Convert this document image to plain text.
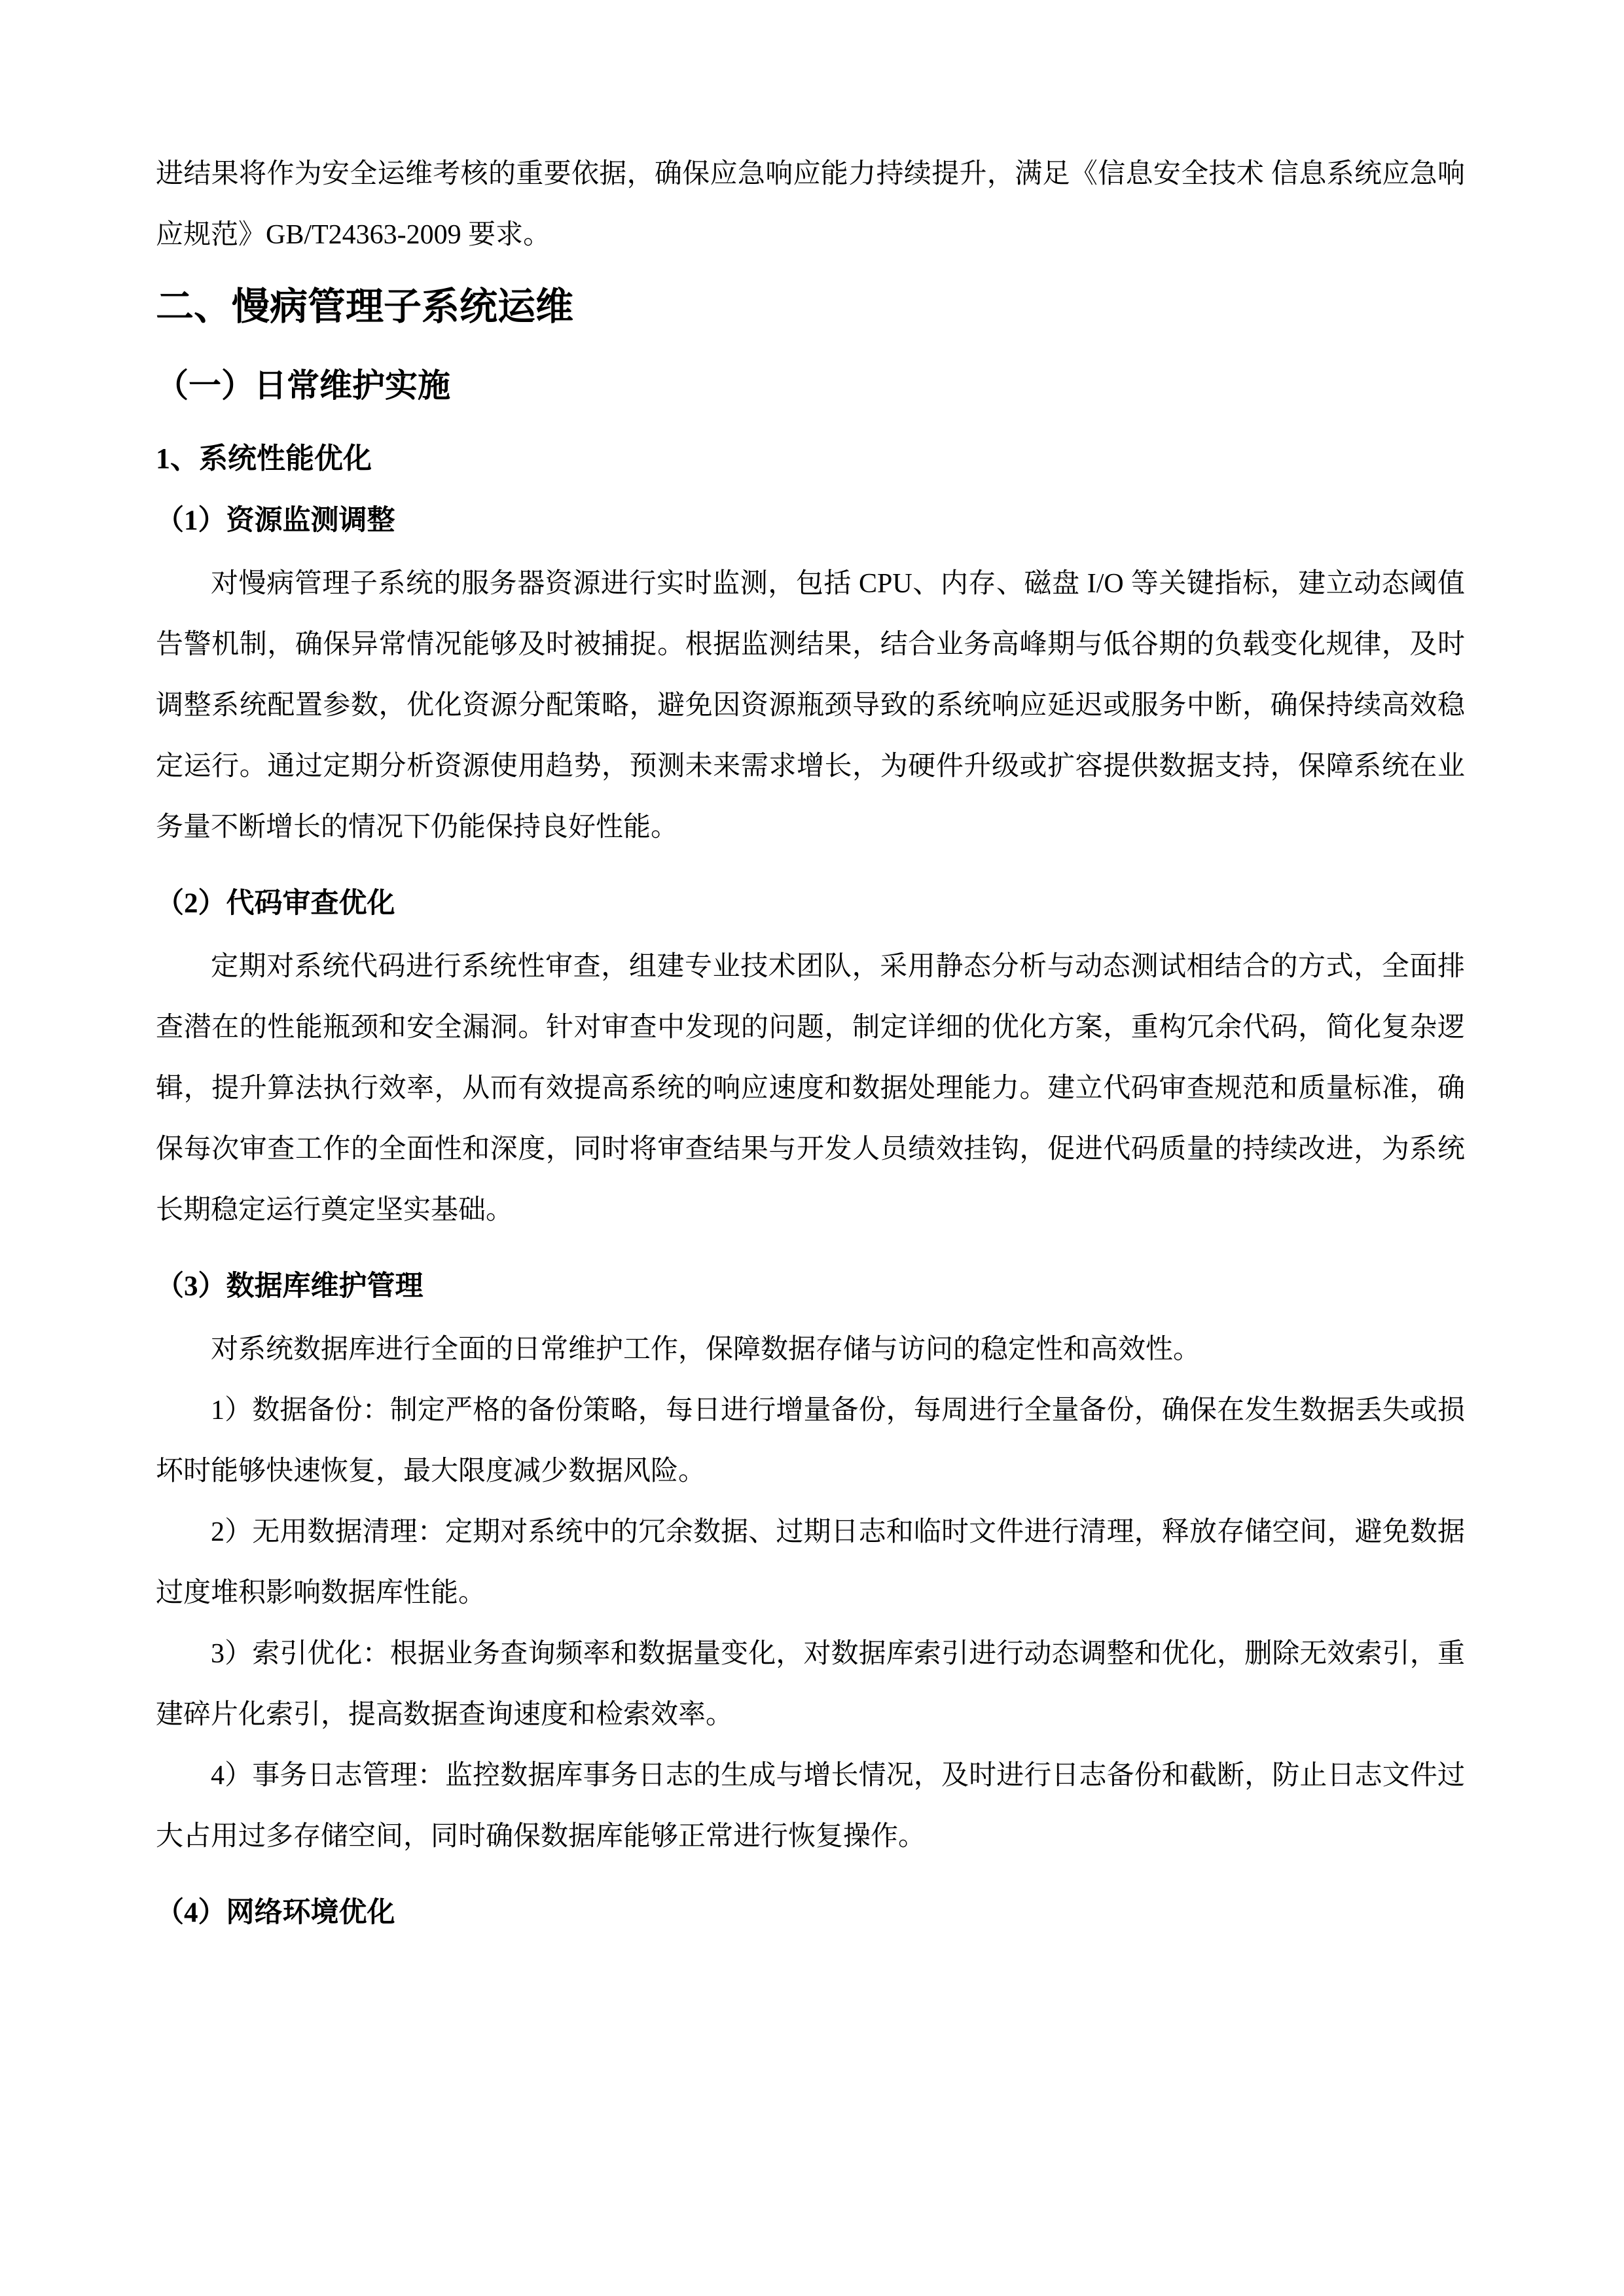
进结果将作为安全运维考核的重要依据，确保应急响应能力持续提升，满足《信息安全技术 信息系统应急响应规范》GB/T24363-2009 要求。

二、慢病管理子系统运维
（一）日常维护实施
1、系统性能优化
（1）资源监测调整

对慢病管理子系统的服务器资源进行实时监测，包括 CPU、内存、磁盘 I/O 等关键指标，建立动态阈值告警机制，确保异常情况能够及时被捕捉。根据监测结果，结合业务高峰期与低谷期的负载变化规律，及时调整系统配置参数，优化资源分配策略，避免因资源瓶颈导致的系统响应延迟或服务中断，确保持续高效稳定运行。通过定期分析资源使用趋势，预测未来需求增长，为硬件升级或扩容提供数据支持，保障系统在业务量不断增长的情况下仍能保持良好性能。

（2）代码审查优化

定期对系统代码进行系统性审查，组建专业技术团队，采用静态分析与动态测试相结合的方式，全面排查潜在的性能瓶颈和安全漏洞。针对审查中发现的问题，制定详细的优化方案，重构冗余代码，简化复杂逻辑，提升算法执行效率，从而有效提高系统的响应速度和数据处理能力。建立代码审查规范和质量标准，确保每次审查工作的全面性和深度，同时将审查结果与开发人员绩效挂钩，促进代码质量的持续改进，为系统长期稳定运行奠定坚实基础。

（3）数据库维护管理

对系统数据库进行全面的日常维护工作，保障数据存储与访问的稳定性和高效性。

1）数据备份：制定严格的备份策略，每日进行增量备份，每周进行全量备份，确保在发生数据丢失或损坏时能够快速恢复，最大限度减少数据风险。

2）无用数据清理：定期对系统中的冗余数据、过期日志和临时文件进行清理，释放存储空间，避免数据过度堆积影响数据库性能。

3）索引优化：根据业务查询频率和数据量变化，对数据库索引进行动态调整和优化，删除无效索引，重建碎片化索引，提高数据查询速度和检索效率。

4）事务日志管理：监控数据库事务日志的生成与增长情况，及时进行日志备份和截断，防止日志文件过大占用过多存储空间，同时确保数据库能够正常进行恢复操作。

（4）网络环境优化
